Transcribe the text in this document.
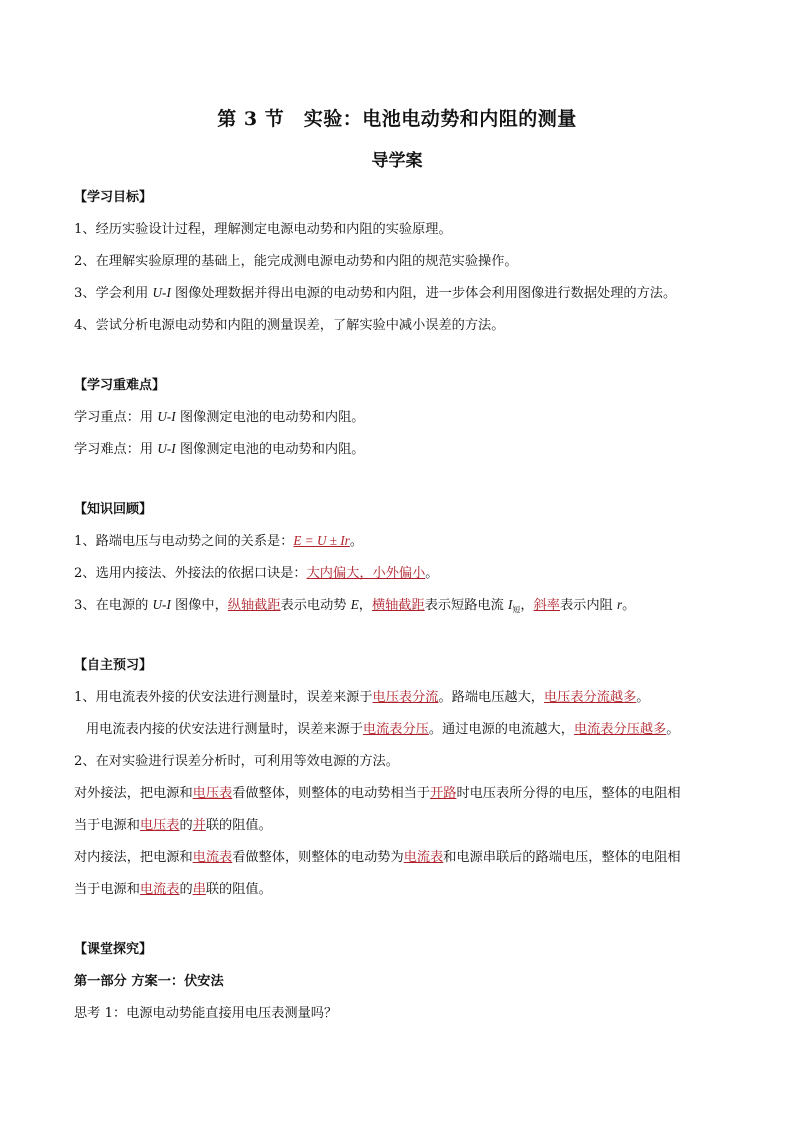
第 3 节　实验：电池电动势和内阻的测量
导学案
【学习目标】
1、经历实验设计过程，理解测定电源电动势和内阻的实验原理。
2、在理解实验原理的基础上，能完成测电源电动势和内阻的规范实验操作。
3、学会利用 U-I 图像处理数据并得出电源的电动势和内阻，进一步体会利用图像进行数据处理的方法。
4、尝试分析电源电动势和内阻的测量误差，了解实验中减小误差的方法。
【学习重难点】
学习重点：用 U-I 图像测定电池的电动势和内阻。
学习难点：用 U-I 图像测定电池的电动势和内阻。
【知识回顾】
1、路端电压与电动势之间的关系是：E = U ± Ir。
2、选用内接法、外接法的依据口诀是：大内偏大，小外偏小。
3、在电源的 U-I 图像中，纵轴截距表示电动势 E，横轴截距表示短路电流 $I_短$，斜率表示内阻 r。
【自主预习】
1、用电流表外接的伏安法进行测量时，误差来源于电压表分流。路端电压越大，电压表分流越多。
用电流表内接的伏安法进行测量时，误差来源于电流表分压。通过电源的电流越大，电流表分压越多。
2、在对实验进行误差分析时，可利用等效电源的方法。
对外接法，把电源和电压表看做整体，则整体的电动势相当于开路时电压表所分得的电压，整体的电阻相
当于电源和电压表的并联的阻值。
对内接法，把电源和电流表看做整体，则整体的电动势为电流表和电源串联后的路端电压，整体的电阻相
当于电源和电流表的串联的阻值。
【课堂探究】
第一部分 方案一：伏安法
思考 1：电源电动势能直接用电压表测量吗？
